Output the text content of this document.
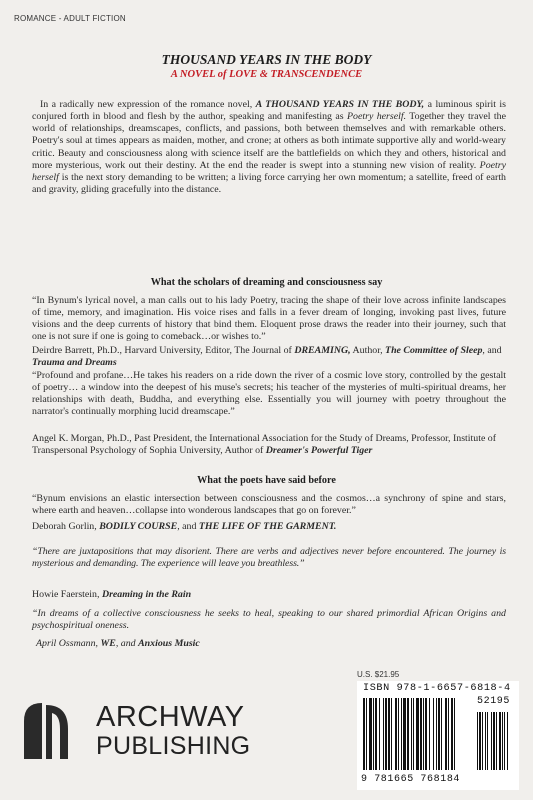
ROMANCE - ADULT FICTION
THOUSAND YEARS IN THE BODY
A NOVEL of LOVE & TRANSCENDENCE
In a radically new expression of the romance novel, A THOUSAND YEARS IN THE BODY, a luminous spirit is conjured forth in blood and flesh by the author, speaking and manifesting as Poetry herself. Together they travel the world of relationships, dreamscapes, conflicts, and passions, both between themselves and with remarkable others. Poetry's soul at times appears as maiden, mother, and crone; at others as both intimate supportive ally and world-weary critic. Beauty and consciousness along with science itself are the battlefields on which they and others, historical and more mysterious, work out their destiny. At the end the reader is swept into a stunning new vision of reality. Poetry herself is the next story demanding to be written; a living force carrying her own momentum; a satellite, freed of earth and gravity, gliding gracefully into the distance.
What the scholars of dreaming and consciousness say
“In Bynum's lyrical novel, a man calls out to his lady Poetry, tracing the shape of their love across infinite landscapes of time, memory, and imagination. His voice rises and falls in a fever dream of longing, invoking past lives, future visions and the deep currents of history that bind them. Eloquent prose draws the reader into their journey, such that one is not sure if one is going to comeback…or wishes to.”
Deirdre Barrett, Ph.D., Harvard University, Editor, The Journal of DREAMING, Author, The Committee of Sleep, and Trauma and Dreams
“Profound and profane…He takes his readers on a ride down the river of a cosmic love story, controlled by the gestalt of poetry… a window into the deepest of his muse's secrets; his teacher of the mysteries of multi-spiritual dreams, her relationships with death, Buddha, and everything else. Essentially you will journey with poetry throughout the narrator's continually morphing lucid dreamscape.”
Angel K. Morgan, Ph.D., Past President, the International Association for the Study of Dreams, Professor, Institute of Transpersonal Psychology of Sophia University, Author of Dreamer's Powerful Tiger
What the poets have said before
“Bynum envisions an elastic intersection between consciousness and the cosmos…a synchrony of spine and stars, where earth and heaven…collapse into wonderous landscapes that go on forever.”
Deborah Gorlin, BODILY COURSE, and THE LIFE OF THE GARMENT.
“There are juxtapositions that may disorient. There are verbs and adjectives never before encountered. The journey is mysterious and demanding. The experience will leave you breathless.”
Howie Faerstein, Dreaming in the Rain
“In dreams of a collective consciousness he seeks to heal, speaking to our shared primordial African Origins and psychospiritual oneness.
April Ossmann, WE, and Anxious Music
ARCHWAY
PUBLISHING
U.S. $21.95
ISBN 978-1-6657-6818-4
52195
9 781665 768184
